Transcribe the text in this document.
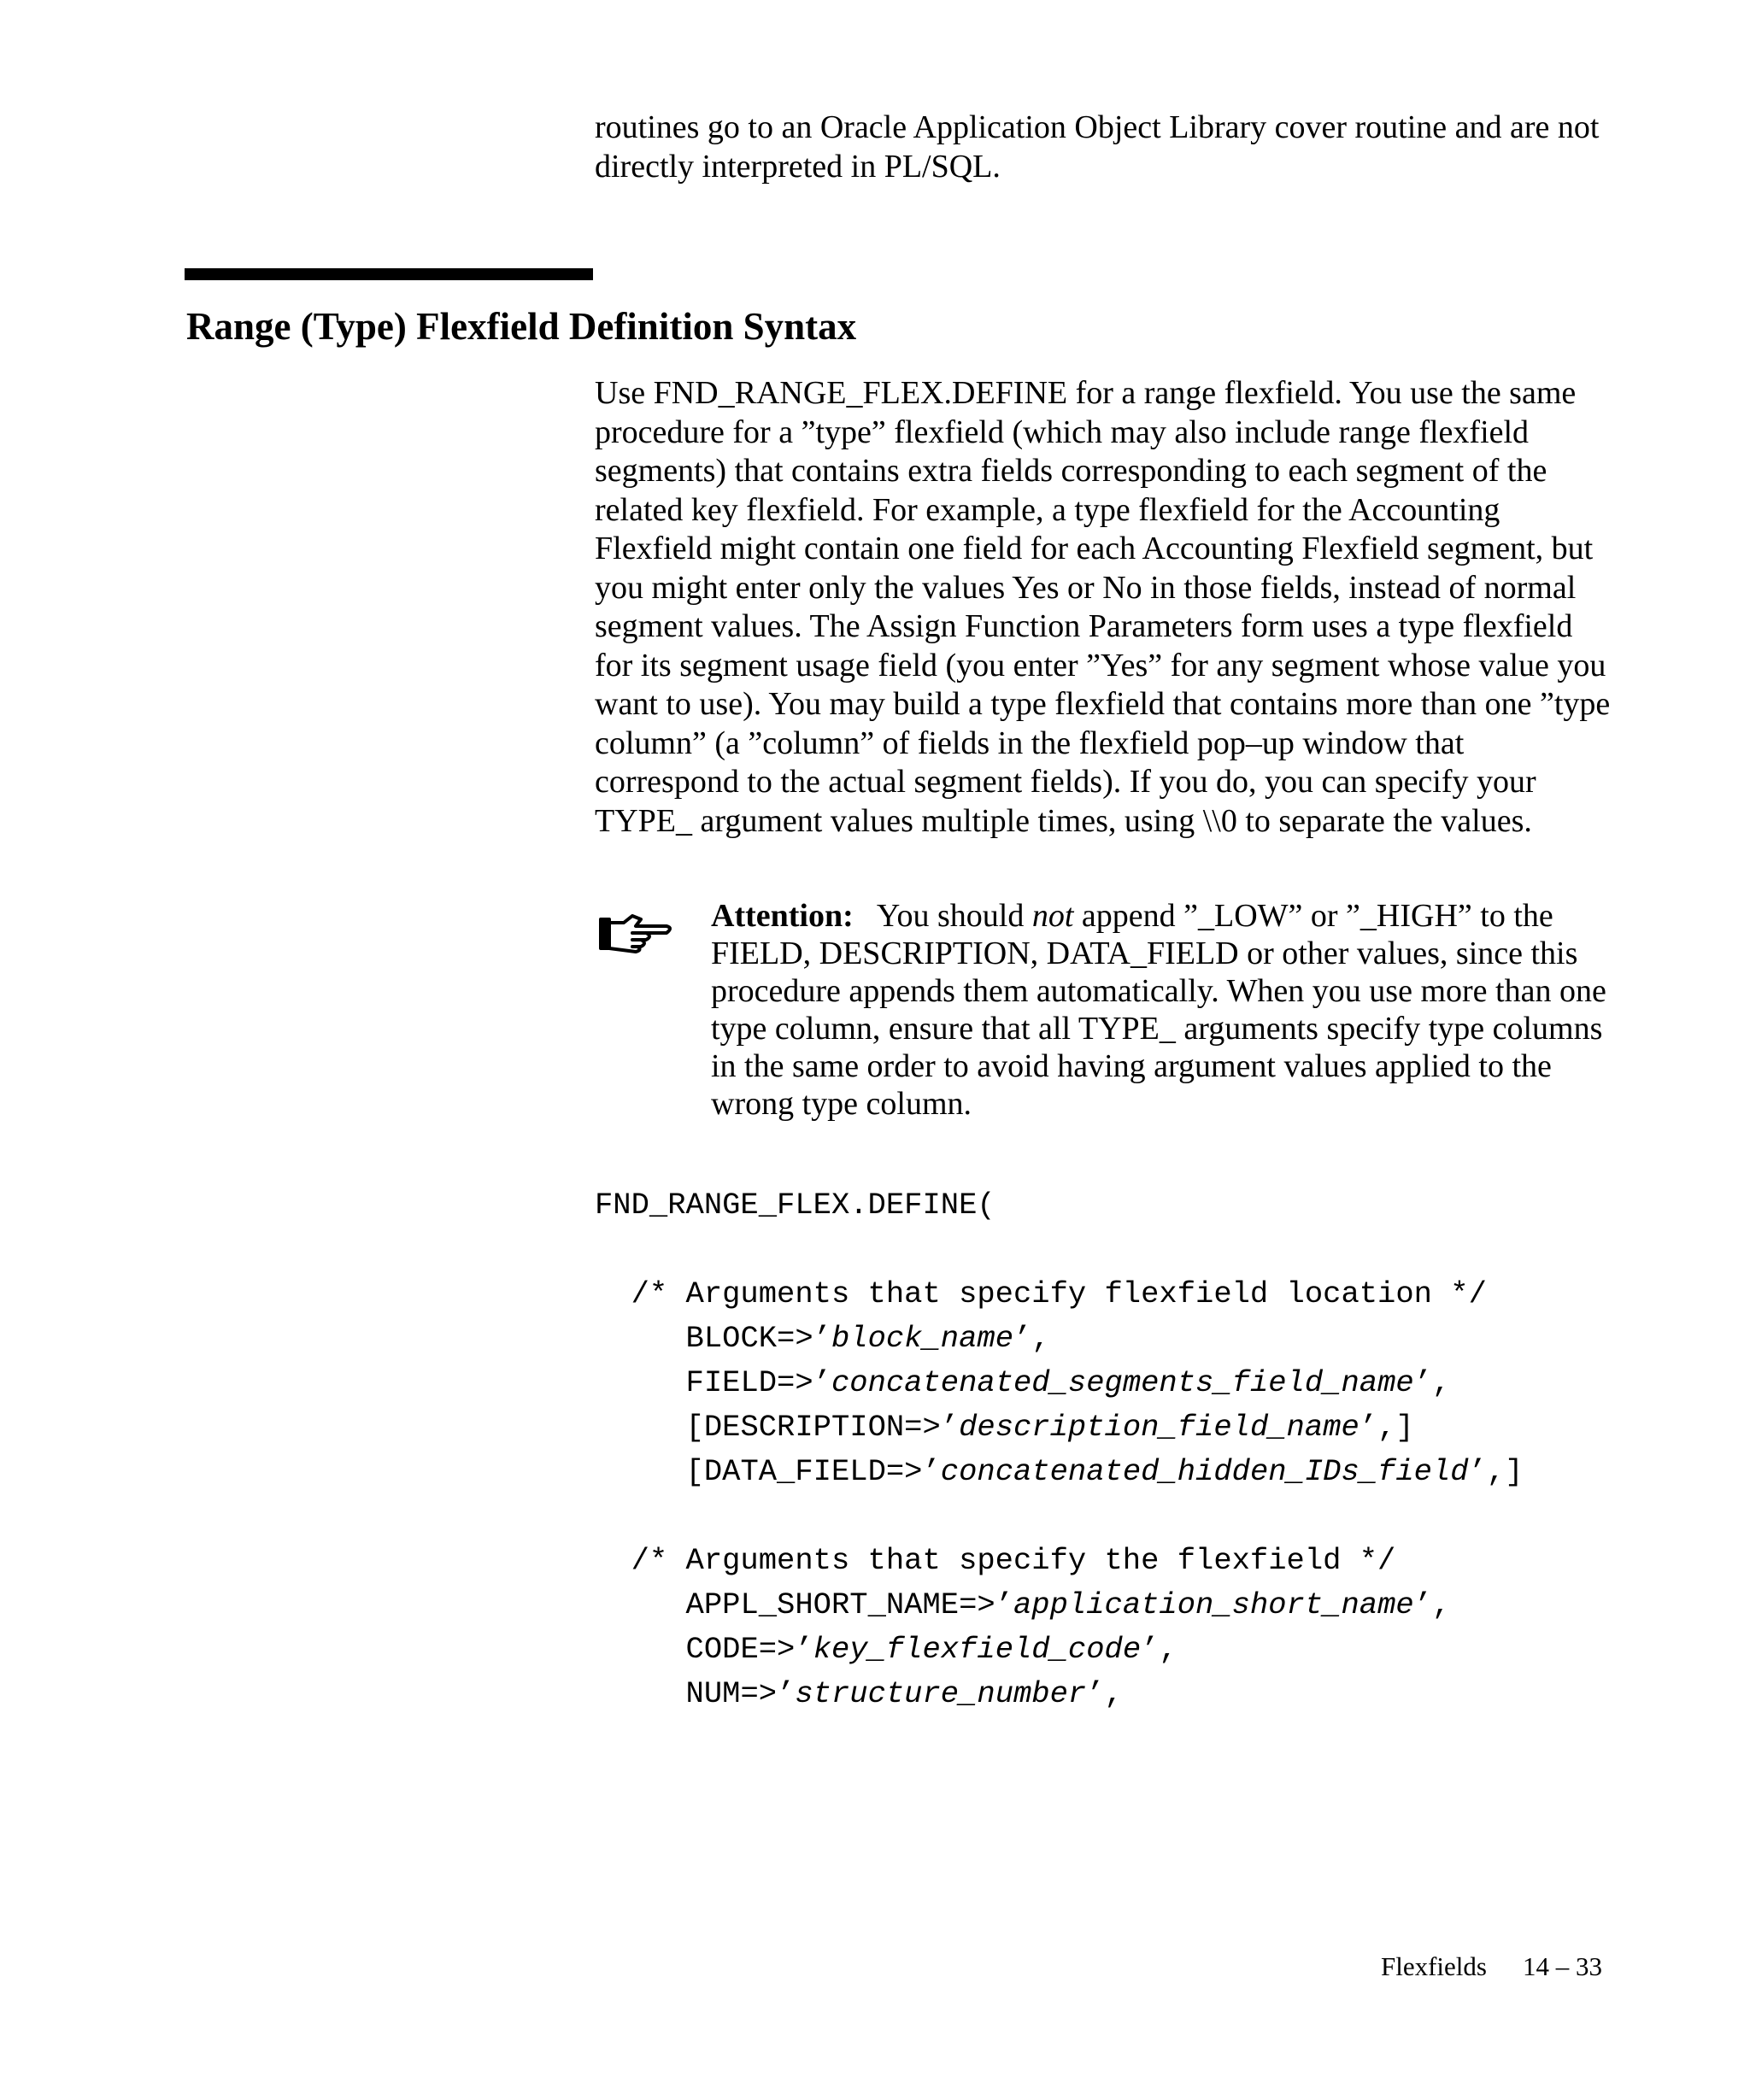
routines go to an Oracle Application Object Library cover routine and are not directly interpreted in PL/SQL.
Range (Type) Flexfield Definition Syntax
Use FND_RANGE_FLEX.DEFINE for a range flexfield. You use the same procedure for a ”type” flexfield (which may also include range flexfield segments) that contains extra fields corresponding to each segment of the related key flexfield. For example, a type flexfield for the Accounting Flexfield might contain one field for each Accounting Flexfield segment, but you might enter only the values Yes or No in those fields, instead of normal segment values. The Assign Function Parameters form uses a type flexfield for its segment usage field (you enter ”Yes” for any segment whose value you want to use). You may build a type flexfield that contains more than one ”type column” (a ”column” of fields in the flexfield pop–up window that correspond to the actual segment fields). If you do, you can specify your TYPE_ argument values multiple times, using \\0 to separate the values.
Attention: You should not append ”_LOW” or ”_HIGH” to the FIELD, DESCRIPTION, DATA_FIELD or other values, since this procedure appends them automatically. When you use more than one type column, ensure that all TYPE_ arguments specify type columns in the same order to avoid having argument values applied to the wrong type column.
FND_RANGE_FLEX.DEFINE(

/* Arguments that specify flexfield location */
BLOCK=>’block_name’,
FIELD=>’concatenated_segments_field_name’,
[DESCRIPTION=>’description_field_name’,]
[DATA_FIELD=>’concatenated_hidden_IDs_field’,]

/* Arguments that specify the flexfield */
APPL_SHORT_NAME=>’application_short_name’,
CODE=>’key_flexfield_code’,
NUM=>’structure_number’,
Flexfields 14 – 33
